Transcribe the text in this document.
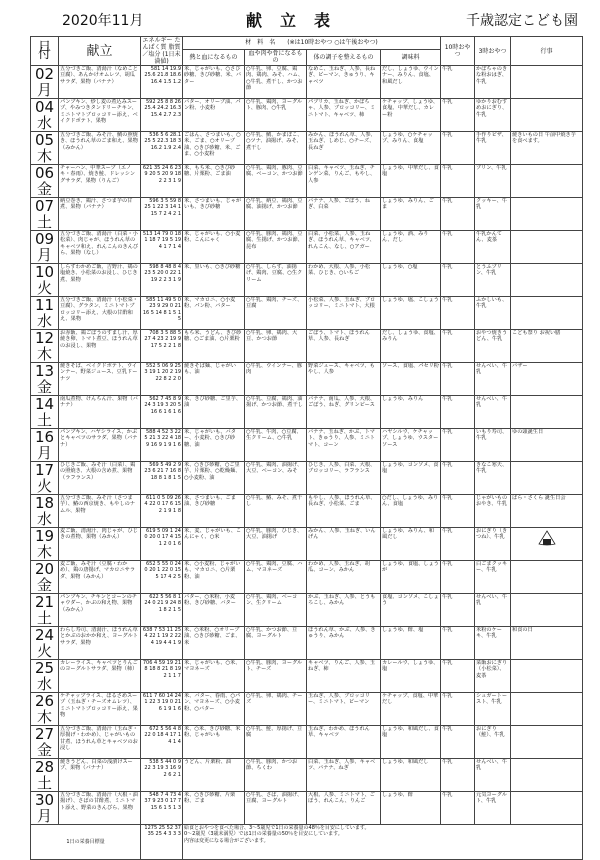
2020年11月	献立表	千歳認定こども園
日付	献立	エネルギー たんぱく質 脂質／塩分 (1日未満値)	材　料　名　　 (※は10時おやつ ○は午後おやつ)				10時おやつ	3時おやつ	行事
			熱と血になるもの	血や肉や骨になるもの	体の調子を整えるもの	調味料			

02
月	五分づきご飯、清湯汁（なめこと豆腐）、あんかけオムレツ、胡瓜サラダ、果物（バナナ）	581 14 19.9 25.6 21.8 18.6 16.4 1.5 1.2	米、じゃがいも、○さび砂糖、きび砂糖、米、バター	○牛乳、卵、豆腐、鶏肉、鶏肉、みそ、ハム、○牛乳、煮干し、かつお節	なめこ、玉ねぎ、人参、長ねぎ、ピーマン、きゅうり、キャベツ	だし、しょうゆ、ウインナー、みりん、食塩、和風だし	牛乳	かぼちゃのきな粉おはぎ、牛乳	

04
水	パンプキン、炒し麦の煮込みスープ、やみつきタンドリーチキン、ミニトマトブロッコリー添え、ベイクドポテト、果物	592 25 8 8 26 25.4 24.2 16.3 15.4 2.7 2.3	バター、オリーブ油、パン粉、小麦粉	○牛乳、鶏肉、ヨーグルト、豚肉、○牛乳	パプリカ、玉ねぎ、かぼちゃ、人参、ブロッコリー、ミニトマト、キャベツ、柿	ケチャップ、しょうゆ、食塩、中華だし、カレー粉	牛乳	ゆかりおむすめおにぎり、牛乳	

05
木	五分づきご飯、みそ汁、鯖の照焼き、ほうれん草のごま和え、果物（みかん）	536 5 6 28.1 25 5 22.3 18 3 16.2 1.9 2.4	ごはん、さつまいも、○米、ごま、○オリーブ油、○きび砂糖、米、ごま、○小麦粉	○牛乳、鯖、かまぼこ、○ツナ、油揚げ、みそ、煮干し	みかん、ほうれん草、人参、玉ねぎ、しめじ、○チーズ、長ねぎ	しょうゆ、○ケチャップ、みりん、食塩	牛乳	手作りピザ、牛乳	焼きいもの日 午前中焼き芋を食べます。

06
金	チャーハン、中華スープ（エノキ・春雨）、焼き鮭、ドレッシングサラダ、果物（りんご）	621 35 24 6 23 9 20 5 20 9 18 2 2 3 1 9	米、もち米、○きび砂糖、片栗粉、ごま油	○牛乳、鶏肉、豚肉、豆腐、ベーコン、かつお節	白菜、キャベツ、玉ねぎ、チンゲン菜、りんご、もやし、人参	しょうゆ、中華だし、食塩	牛乳	プリン、牛乳	

07
土	納豆巻き、鶏汁、さつま芋の甘煮、果物（バナナ）	596 3 5 59 8 25 1 22 3 14 1 15 7 2 4 2 1	米、さつまいも、じゃがいも、きび砂糖	○牛乳、納豆、鶏肉、豆腐、油揚げ、かつお節	バナナ、人参、ごぼう、ねぎ、白菜	しょうゆ、みりん、ごま	牛乳	クッキー、牛乳	

09
月	五分づきご飯、清湯汁（白菜・小松菜）、肉じゃが、ほうれん草のキャベツ和え、れんこんのきんぴら、果物（なし）	513 14 79 0 18 1 18 7 19 5 19 4 1 7 1 4	米、じゃがいも、○小麦粉、こんにゃく	○牛乳、豚肉、鶏肉、豆腐、生揚げ、かつお節、昆布	白菜、小松菜、人参、玉ねぎ、ほうれん草、キャベツ、れんこん、なし、○アガー	しょうゆ、酒、みりん、だし	牛乳	牛乳かんてん、麦茶	

10
火	しらすわかめご飯、吉野汁、鶏の塩焼き、小松菜のお浸し、ひじき煮、果物	598 8 48 8 4 23 5 20 0 22 1 19 2 2 3 1 9	米、里いも、○きび砂糖	○牛乳、しらす、油揚げ、鶏肉、豆腐、○生クリーム	わかめ、大根、人参、小松菜、ひじき、○いちご	しょうゆ、○塩	牛乳	とうふプリン、牛乳	

11
水	五分づきご飯、清湯汁（小松菜・豆腐）、グラタン、ミニトマトブロッコリー添え、大根の甘酢和え、果物	585 11 49 5 0 23 9 29 0 21 16 5 14 8 1 5 1 5	米、マカロニ、○小麦粉、パン粉、バター	○牛乳、鶏肉、チーズ、豆腐	小松菜、人参、玉ねぎ、ブロッコリー、ミニトマト、大根	しょうゆ、塩、こしょう	牛乳	ふかしいも、牛乳	

12
木	お赤飯、鶏ごぼうのすまし汁、厚焼き卵、トマト煮豆、ほうれん草のお浸し、果物	708 3 5 88 5 27 4 23 2 19 9 17 5 2 2 1 8	もち米、うどん、きび砂糖、○ごま油、○片栗粉	○牛乳、卵、鶏肉、大豆、かつお節	ごぼう、トマト、ほうれん草、人参、長ねぎ	だし、しょうゆ、食塩、みりん	牛乳	おやつ焼きうどん、牛乳	こども祭り お祝い膳

13
金	焼きそば、ベイクドポテト、ウインナー、野菜ジュース、豆乳ドーナツ	552 5 06 9 25 3 19 1 20 2 19 22 8 2 2 0	焼きそば麺、じゃがいも、油	○牛乳、ウインナー、豚肉	野菜ジュース、キャベツ、もやし、人参	ソース、食塩、パセリ粉	牛乳	せんべい、牛乳	バザー

14
土	南瓜煮物、けんちん汁、果物（バナナ）	562 7 45 8 9 24 3 19 3 20 5 16 6 1 6 1 6	米、きび砂糖、ご里芋、油	○牛乳、豆腐、鶏肉、油揚げ、かつお節、煮干し	バナナ、南瓜、人参、大根、ごぼう、ねぎ、グリンピース	しょうゆ、みりん	牛乳	せんべい、牛乳	

16
月	パンプキン、ハヤシライス、かぶとキャベツのサラダ、果物（バナナ）	588 4 52 3 22 5 21 3 22 4 18 9 16 9 1 9 1 6	米、じゃがいも、バター、小麦粉、○きび砂糖、油	○牛乳、牛肉、○豆腐、生クリーム、○牛乳	バナナ、玉ねぎ、かぶ、トマト、きゅうり、人参、ミニトマト、コーン	ハヤシルウ、ケチャップ、しょうゆ、ウスターソース	牛乳	いもり寿司、牛乳	ゆの頭誕生日

17
火	ひじきご飯、みそ汁（白菜）、鶏の照焼き、大根の含め煮、果物（ラフランス）	569 5 49 2 9 23 6 21 7 16 8 18 8 1 8 1 5	米、○きび砂糖、○ご里芋、片栗粉、○乾燥麺、○小麦粉、油	○牛乳、鶏肉、油揚げ、大豆、ベーコン、みそ	ひじき、人参、白菜、大根、ブロッコリー、ラフランス	しょうゆ、コンソメ、食塩	牛乳	きなこ寒天、牛乳	

18
水	五分づきご飯、みそ汁（さつま芋）、鰆の西京焼き、もやしのナムル、果物	611 0 5 09 26 4 22 0 17 6 15 2 1 9 1 8	米、さつまいも、ごま油、きび砂糖	○牛乳、鰆、みそ、煮干し	もやし、人参、ほうれん草、長ねぎ、小松菜、ごま	○だし、しょうゆ、みりん、食塩	牛乳	じゃがいものおやき、牛乳	ばら・さくら 誕生日会

19
木	麦ご飯、清湯汁、肉じゃが、ひじきの煮物、果物（みかん）	619 5 09 1 24 0 20 0 17 4 15 1 2 0 1 6	米、麦、じゃがいも、こんにゃく、○米	○牛乳、豚肉、ひじき、大豆、油揚げ	みかん、人参、玉ねぎ、いんげん	しょうゆ、みりん、和風だし	牛乳	おにぎり（きつね）、牛乳	

20
金	麦ご飯、みそ汁（豆腐・わかめ）、鶏の唐揚げ、マカロニサラダ、果物（みかん）	652 5 55 0 24 0 20 1 22 0 15 5 17 4 2 5	米、○小麦粉、じゃがいも、マカロニ、○片栗粉、油	○牛乳、鶏肉、豆腐、ハム、マヨネーズ	わかめ、人参、玉ねぎ、胡瓜、コーン、みかん	しょうゆ、食塩、しょうが	牛乳	白ごまクッキー、牛乳	

21
土	パンプキン、チキンとコーンのチャウダー、かぶの和え物、果物（みかん）	622 5 56 8 1 24 0 21 9 24 8 1 8 2 1 5	バター、○米粉、小麦粉、きび砂糖、バター	○牛乳、鶏肉、ベーコン、生クリーム	かぶ、玉ねぎ、人参、とうもろこし、みかん	食塩、コンソメ、こしょう	牛乳	せんべい、牛乳	

24
火	わらし寿司、清湯汁、ほうれん草とかぶのおかか和え、ヨーグルトサラダ、果物	638 7 53 11 25 4 22 1 19 2 22 4 19 4 4 1 9	米、○米粉、○オリーブ油、○きび砂糖、ごま、米	○牛乳、かつお節、豆腐、ヨーグルト	ほうれん草、かぶ、人参、きゅうり、みかん	しょうゆ、酢、塩	牛乳	米粉のケーキ、牛乳	和食の日

25
水	カレーライス、キャベツとりんごのヨーグルトサラダ、果物（柿）	706 4 59 19 21 8 18 8 21 8 19 2 1 1 7	米、じゃがいも、○米、マヨネーズ	○牛乳、豚肉、ヨーグルト、チーズ	キャベツ、りんご、人参、玉ねぎ、柿	カレールウ、しょうゆ、塩	牛乳	菜飯おにぎり（小松菜）、麦茶	

26
木	ケチャップライス、ほるさめスープ（玉ねぎ・チーズオムレツ）、ミニトマトブロッコリー添え、果物	611 7 60 14 24 1 22 3 19 0 21 6 1 9 1 6	米、バター、春雨、○パン、マヨネーズ、○小麦粉、○バター	○牛乳、卵、鶏肉、チーズ	玉ねぎ、人参、ブロッコリー、ミニトマト、ピーマン	ケチャップ、食塩、中華だし	牛乳	シュガートースト、牛乳	

27
金	五分づきご飯、清湯汁（玉ねぎ・厚揚げ・わかめ）、じゃがいもの甘煮、ほうれん草とキャベツのお浸し	672 5 56 4 8 22 0 18 4 17 1 4 1 4	米、○米、きび砂糖、米粉、じゃがいも	○牛乳、鮭、厚揚げ、豆腐	玉ねぎ、わかめ、ほうれん草、キャベツ	しょうゆ、和風だし、食塩	牛乳	おにぎり（鮭）、牛乳	

28
土	焼きうどん、白菜の浅漬けスープ、果物（バナナ）	538 5 44 0 9 22 3 19 3 16 9 2 6 2 1	うどん、片栗粉、油	○牛乳、豚肉、かつお節、ちくわ	白菜、玉ねぎ、人参、キャベツ、バナナ、ねぎ	しょうゆ、和風だし	牛乳	せんべい、牛乳	

30
月	五分づきご飯、清湯汁（大根・油揚げ）、さばの甘酢煮、ミニトマト添え、野菜のきんぴら、果物	548 7 4 73 4 37 9 23 0 17 7 15 6 1 5 1 3	米、○きび砂糖、片栗粉、ごま	○牛乳、さば、油揚げ、豆腐、ヨーグルト	大根、人参、ミニトマト、ごぼう、れんこん、りんご	しょうゆ、酢	牛乳	元気ヨーグルト、牛乳	
1日の栄養目標量		1275 25 52 37 35 25 4 3 3 3	給食とおやつを食べた場合、3～5歳児で1日の栄養量の48％を目安にしています。
0～2歳児（3歳未満児）では1日の栄養量の50％を目安にしています。
内容は変更になる場合がございます。						
